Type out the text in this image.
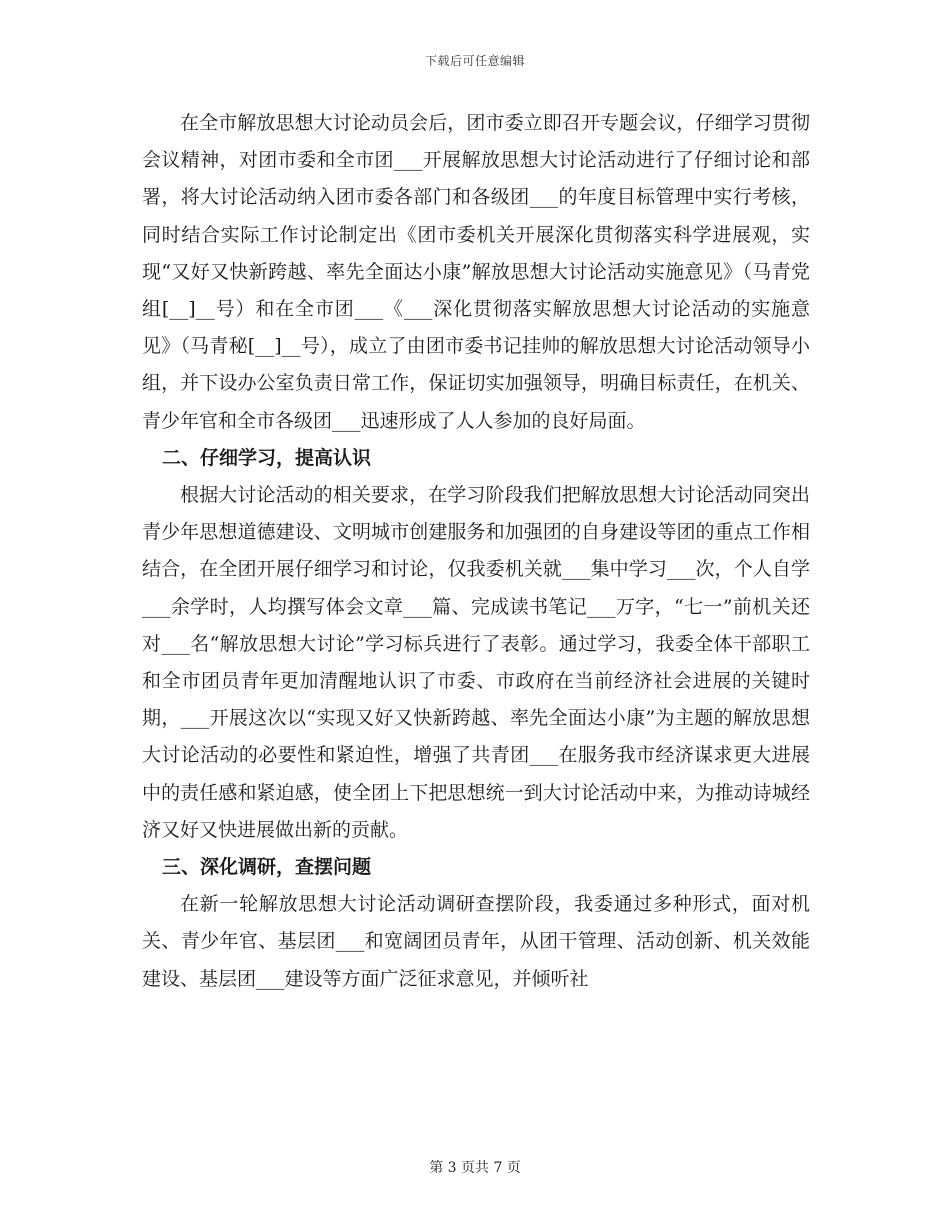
下载后可任意编辑

在全市解放思想大讨论动员会后，团市委立即召开专题会议，仔细学习贯彻会议精神，对团市委和全市团___开展解放思想大讨论活动进行了仔细讨论和部署，将大讨论活动纳入团市委各部门和各级团___的年度目标管理中实行考核，同时结合实际工作讨论制定出《团市委机关开展深化贯彻落实科学进展观，实现“又好又快新跨越、率先全面达小康”解放思想大讨论活动实施意见》（马青党组[__]__号）和在全市团___《___深化贯彻落实解放思想大讨论活动的实施意见》（马青秘[__]__号），成立了由团市委书记挂帅的解放思想大讨论活动领导小组，并下设办公室负责日常工作，保证切实加强领导，明确目标责任，在机关、青少年官和全市各级团___迅速形成了人人参加的良好局面。

二、仔细学习，提高认识

根据大讨论活动的相关要求，在学习阶段我们把解放思想大讨论活动同突出青少年思想道德建设、文明城市创建服务和加强团的自身建设等团的重点工作相结合，在全团开展仔细学习和讨论，仅我委机关就___集中学习___次，个人自学___余学时，人均撰写体会文章___篇、完成读书笔记___万字，“七一”前机关还对___名“解放思想大讨论”学习标兵进行了表彰。通过学习，我委全体干部职工和全市团员青年更加清醒地认识了市委、市政府在当前经济社会进展的关键时期，___开展这次以“实现又好又快新跨越、率先全面达小康”为主题的解放思想大讨论活动的必要性和紧迫性，增强了共青团___在服务我市经济谋求更大进展中的责任感和紧迫感，使全团上下把思想统一到大讨论活动中来，为推动诗城经济又好又快进展做出新的贡献。

三、深化调研，查摆问题

在新一轮解放思想大讨论活动调研查摆阶段，我委通过多种形式，面对机关、青少年官、基层团___和宽阔团员青年，从团干管理、活动创新、机关效能建设、基层团___建设等方面广泛征求意见，并倾听社

第 3 页共 7 页
